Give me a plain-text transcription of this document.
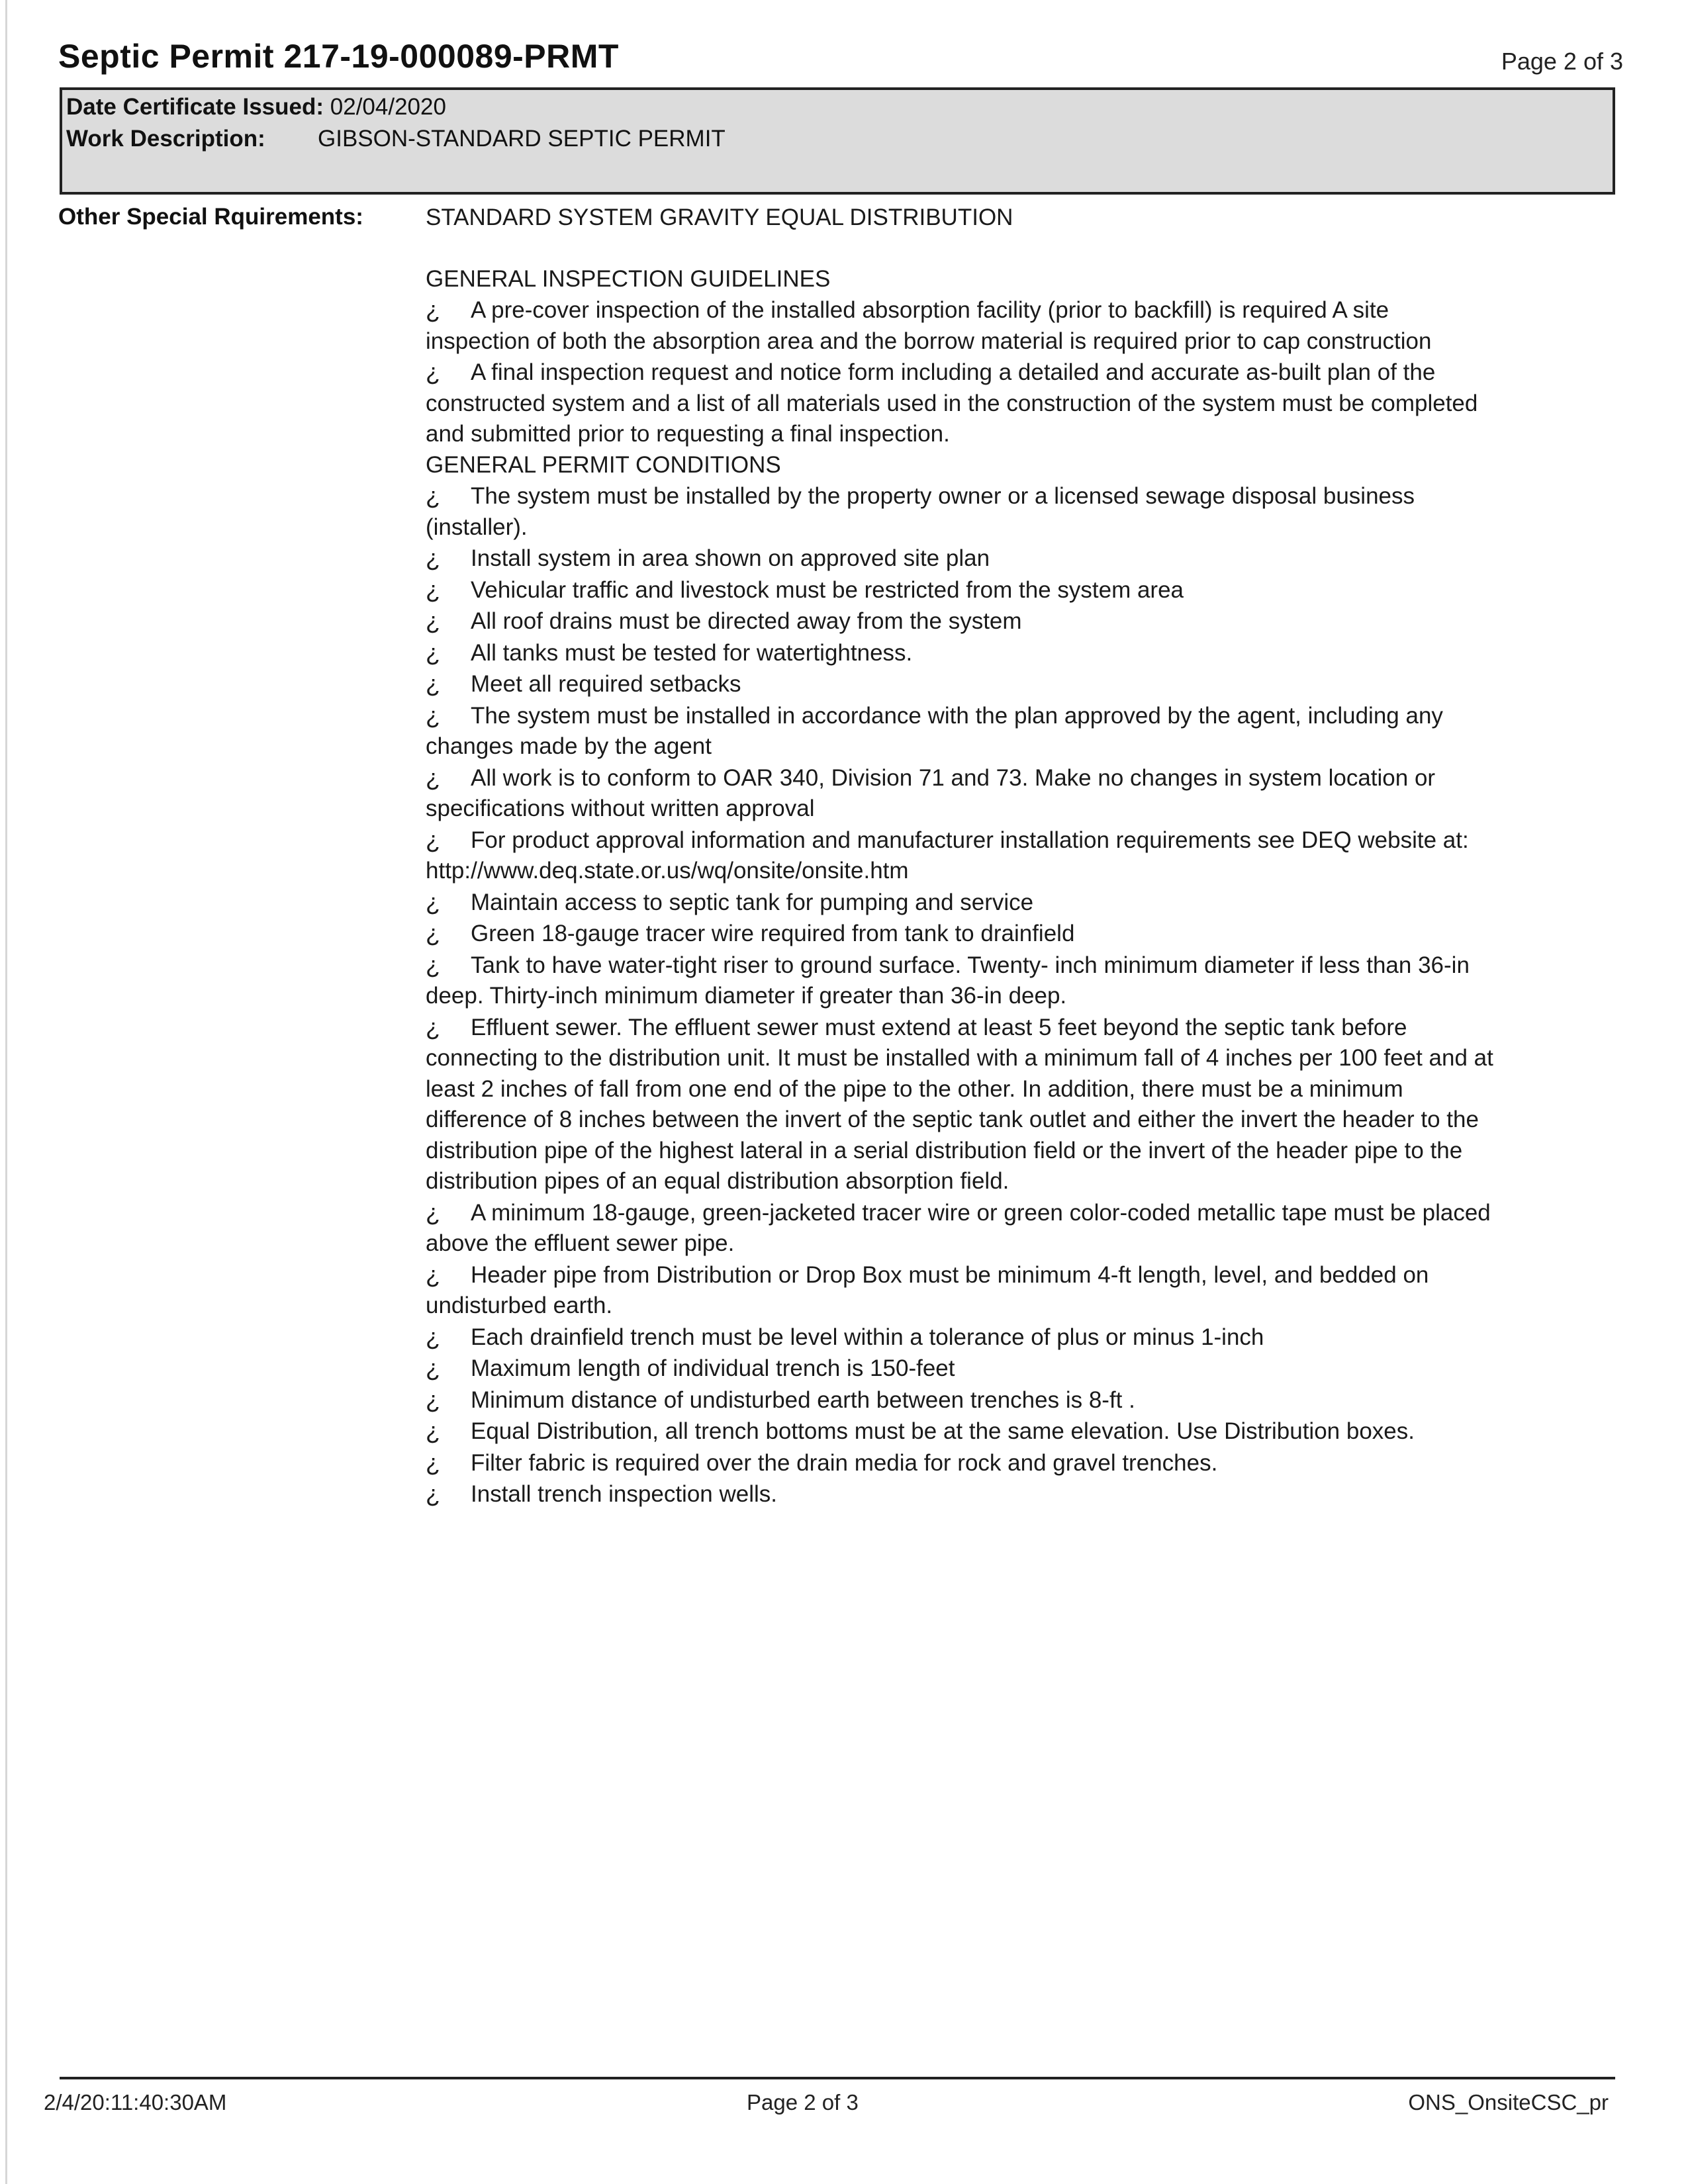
Septic Permit 217-19-000089-PRMT	Page 2 of 3
Date Certificate Issued: 02/04/2020
Work Description: GIBSON-STANDARD SEPTIC PERMIT
Other Special Rquirements:	STANDARD SYSTEM GRAVITY EQUAL DISTRIBUTION

GENERAL INSPECTION GUIDELINES

¿ A pre-cover inspection of the installed absorption facility (prior to backfill) is required A site inspection of both the absorption area and the borrow material is required prior to cap construction

¿ A final inspection request and notice form including a detailed and accurate as-built plan of the constructed system and a list of all materials used in the construction of the system must be completed and submitted prior to requesting a final inspection.

GENERAL PERMIT CONDITIONS

¿ The system must be installed by the property owner or a licensed sewage disposal business (installer).

¿ Install system in area shown on approved site plan

¿ Vehicular traffic and livestock must be restricted from the system area

¿ All roof drains must be directed away from the system

¿ All tanks must be tested for watertightness.

¿ Meet all required setbacks

¿ The system must be installed in accordance with the plan approved by the agent, including any changes made by the agent

¿ All work is to conform to OAR 340, Division 71 and 73. Make no changes in system location or specifications without written approval

¿ For product approval information and manufacturer installation requirements see DEQ website at: http://www.deq.state.or.us/wq/onsite/onsite.htm

¿ Maintain access to septic tank for pumping and service

¿ Green 18-gauge tracer wire required from tank to drainfield

¿ Tank to have water-tight riser to ground surface. Twenty- inch minimum diameter if less than 36-in deep. Thirty-inch minimum diameter if greater than 36-in deep.

¿ Effluent sewer. The effluent sewer must extend at least 5 feet beyond the septic tank before connecting to the distribution unit. It must be installed with a minimum fall of 4 inches per 100 feet and at least 2 inches of fall from one end of the pipe to the other. In addition, there must be a minimum difference of 8 inches between the invert of the septic tank outlet and either the invert the header to the distribution pipe of the highest lateral in a serial distribution field or the invert of the header pipe to the distribution pipes of an equal distribution absorption field.

¿ A minimum 18-gauge, green-jacketed tracer wire or green color-coded metallic tape must be placed above the effluent sewer pipe.

¿ Header pipe from Distribution or Drop Box must be minimum 4-ft length, level, and bedded on undisturbed earth.

¿ Each drainfield trench must be level within a tolerance of plus or minus 1-inch

¿ Maximum length of individual trench is 150-feet

¿ Minimum distance of undisturbed earth between trenches is 8-ft .

¿ Equal Distribution, all trench bottoms must be at the same elevation. Use Distribution boxes.

¿ Filter fabric is required over the drain media for rock and gravel trenches.

¿ Install trench inspection wells.

2/4/20:11:40:30AM	Page 2 of 3	ONS_OnsiteCSC_pr
